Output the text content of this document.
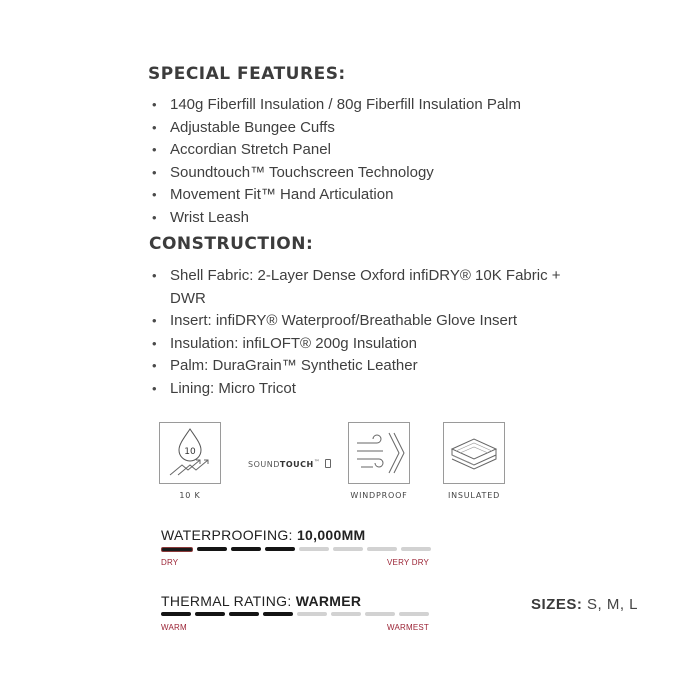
SPECIAL FEATURES:
• 140g Fiberfill Insulation / 80g Fiberfill Insulation Palm
• Adjustable Bungee Cuffs
• Accordian Stretch Panel
• Soundtouch™ Touchscreen Technology
• Movement Fit™ Hand Articulation
• Wrist Leash
CONSTRUCTION:
• Shell Fabric: 2-Layer Dense Oxford infiDRY® 10K Fabric +
DWR
• Insert: infiDRY® Waterproof/Breathable Glove Insert
• Insulation: infiLOFT® 200g Insulation
• Palm: DuraGrain™ Synthetic Leather
• Lining: Micro Tricot
10
10 K
SOUNDTOUCH™
WINDPROOF	INSULATED
WATERPROOFING: 10,000MM
DRY	VERY DRY
THERMAL RATING: WARMER
WARM	WARMEST
SIZES: S, M, L
